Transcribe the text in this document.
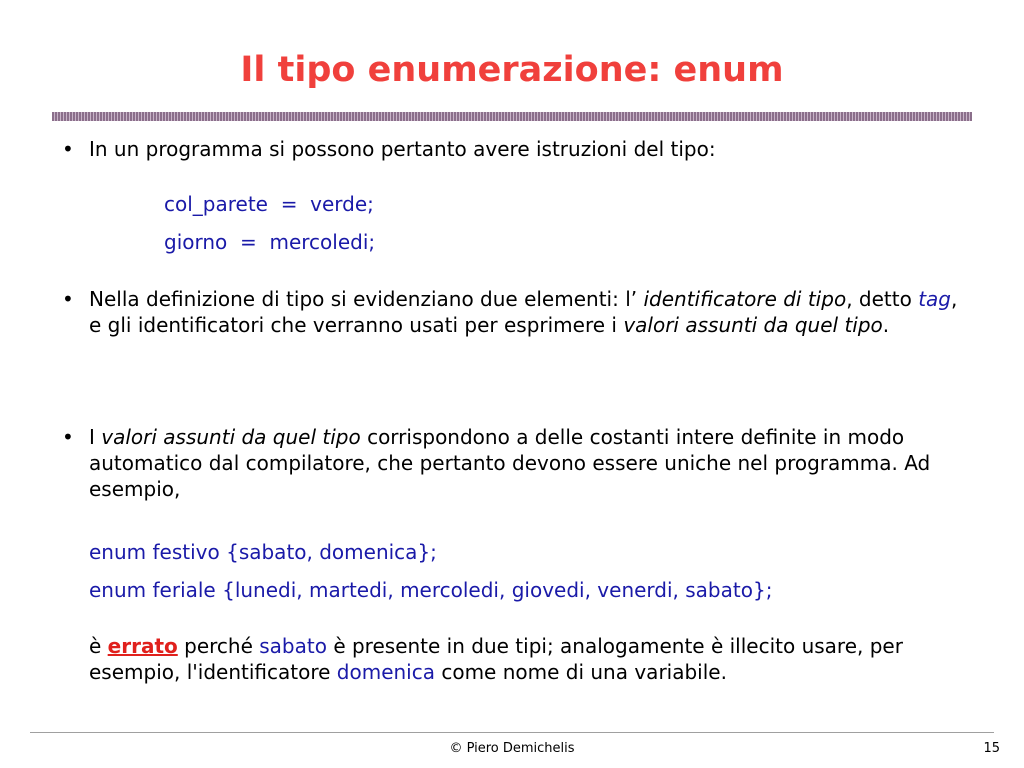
Il tipo enumerazione: enum
• In un programma si possono pertanto avere istruzioni del tipo:

col_parete  =  verde;
giorno  =  mercoledi;
• Nella definizione di tipo si evidenziano due elementi: l’ identificatore di tipo, detto tag, e gli identificatori che verranno usati per esprimere i valori assunti da quel tipo.

• I valori assunti da quel tipo corrispondono a delle costanti intere definite in modo automatico dal compilatore, che pertanto devono essere uniche nel programma. Ad esempio,

enum festivo {sabato, domenica};
enum feriale {lunedi, martedi, mercoledi, giovedi, venerdi, sabato};

è errato perché sabato è presente in due tipi; analogamente è illecito usare, per esempio, l'identificatore domenica come nome di una variabile.

© Piero Demichelis	15
